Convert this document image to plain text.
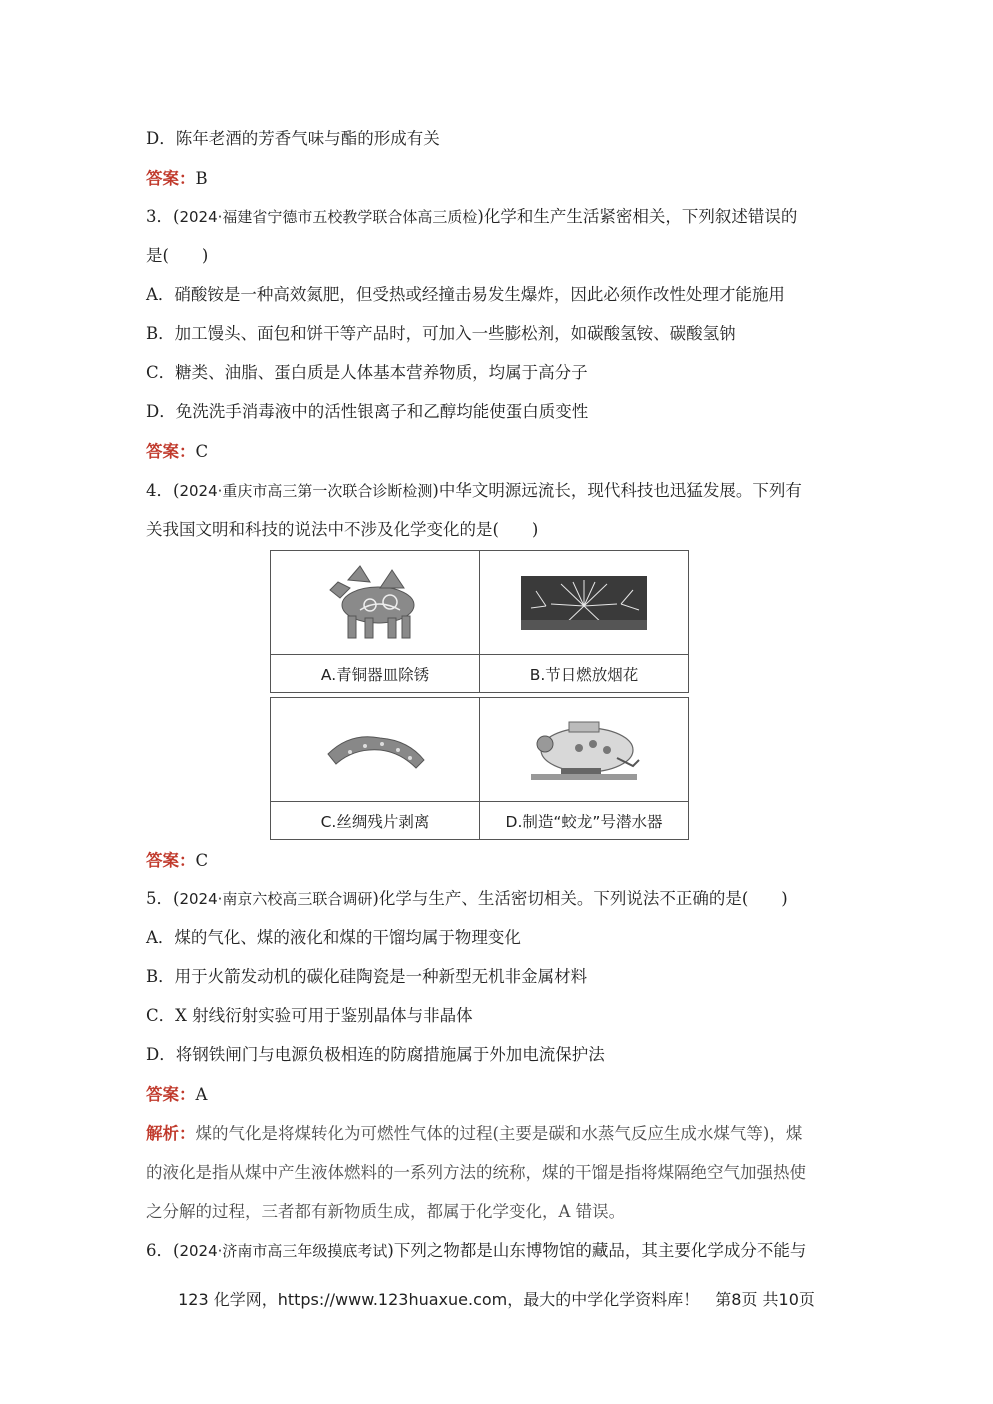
D．陈年老酒的芳香气味与酯的形成有关
答案：B
3．(2024·福建省宁德市五校教学联合体高三质检)化学和生产生活紧密相关，下列叙述错误的
是(　　)
A．硝酸铵是一种高效氮肥，但受热或经撞击易发生爆炸，因此必须作改性处理才能施用
B．加工馒头、面包和饼干等产品时，可加入一些膨松剂，如碳酸氢铵、碳酸氢钠
C．糖类、油脂、蛋白质是人体基本营养物质，均属于高分子
D．免洗洗手消毒液中的活性银离子和乙醇均能使蛋白质变性
答案：C
4．(2024·重庆市高三第一次联合诊断检测)中华文明源远流长，现代科技也迅猛发展。下列有
关我国文明和科技的说法中不涉及化学变化的是(　　)

A.青铜器皿除锈	B.节日燃放烟花

C.丝绸残片剥离	D.制造“蛟龙”号潜水器
答案：C
5．(2024·南京六校高三联合调研)化学与生产、生活密切相关。下列说法不正确的是(　　)
A．煤的气化、煤的液化和煤的干馏均属于物理变化
B．用于火箭发动机的碳化硅陶瓷是一种新型无机非金属材料
C．X 射线衍射实验可用于鉴别晶体与非晶体
D．将钢铁闸门与电源负极相连的防腐措施属于外加电流保护法
答案：A
解析：煤的气化是将煤转化为可燃性气体的过程(主要是碳和水蒸气反应生成水煤气等)，煤
的液化是指从煤中产生液体燃料的一系列方法的统称，煤的干馏是指将煤隔绝空气加强热使
之分解的过程，三者都有新物质生成，都属于化学变化，A 错误。
6．(2024·济南市高三年级摸底考试)下列之物都是山东博物馆的藏品，其主要化学成分不能与
123 化学网，https://www.123huaxue.com，最大的中学化学资料库！　第8页 共10页
